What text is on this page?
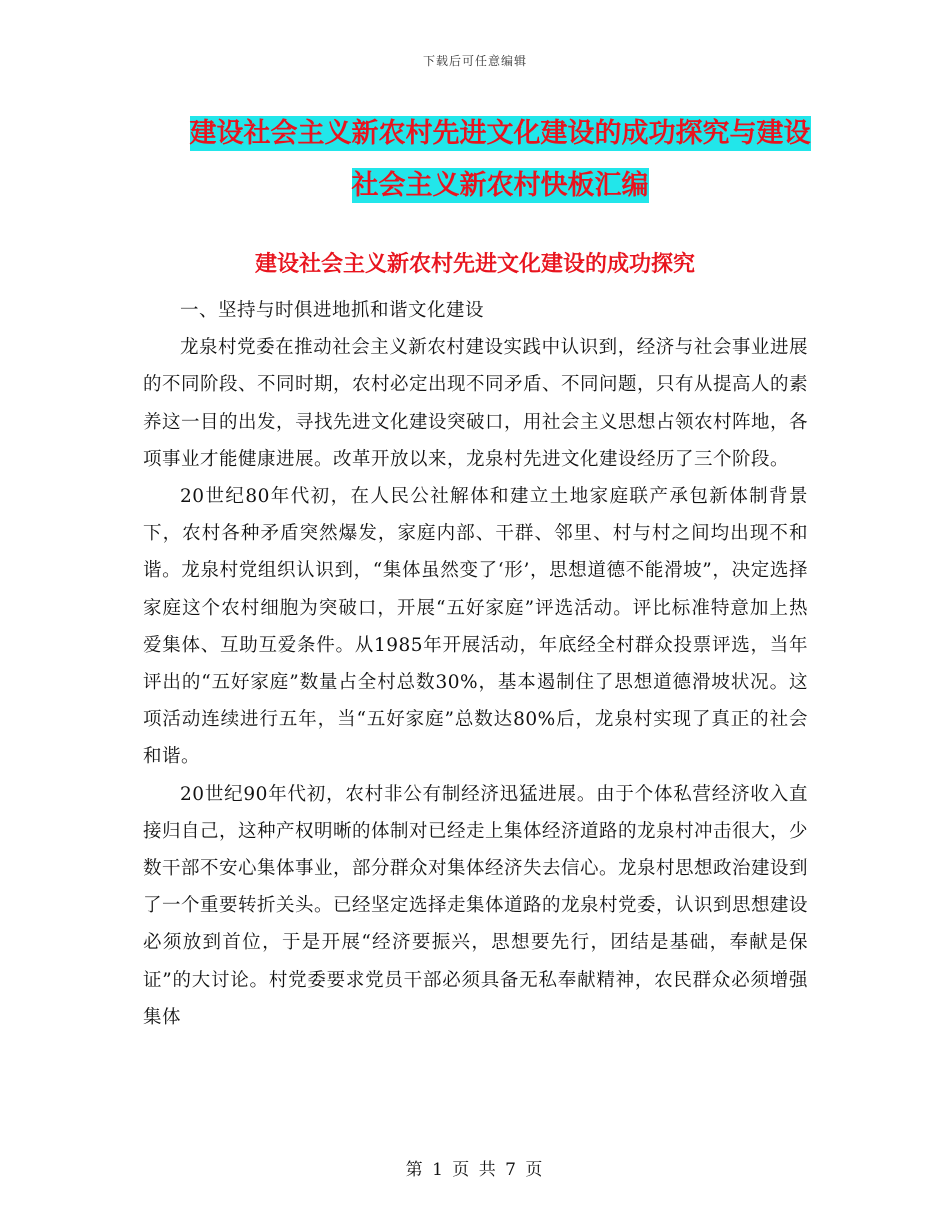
下载后可任意编辑
建设社会主义新农村先进文化建设的成功探究与建设
社会主义新农村快板汇编
建设社会主义新农村先进文化建设的成功探究

一、坚持与时俱进地抓和谐文化建设

龙泉村党委在推动社会主义新农村建设实践中认识到，经济与社会事业进展的不同阶段、不同时期，农村必定出现不同矛盾、不同问题，只有从提高人的素养这一目的出发，寻找先进文化建设突破口，用社会主义思想占领农村阵地，各项事业才能健康进展。改革开放以来，龙泉村先进文化建设经历了三个阶段。

20世纪80年代初，在人民公社解体和建立土地家庭联产承包新体制背景下，农村各种矛盾突然爆发，家庭内部、干群、邻里、村与村之间均出现不和谐。龙泉村党组织认识到，“集体虽然变了‘形’，思想道德不能滑坡”，决定选择家庭这个农村细胞为突破口，开展“五好家庭”评选活动。评比标准特意加上热爱集体、互助互爱条件。从1985年开展活动，年底经全村群众投票评选，当年评出的“五好家庭”数量占全村总数30%，基本遏制住了思想道德滑坡状况。这项活动连续进行五年，当“五好家庭”总数达80%后，龙泉村实现了真正的社会和谐。

20世纪90年代初，农村非公有制经济迅猛进展。由于个体私营经济收入直接归自己，这种产权明晰的体制对已经走上集体经济道路的龙泉村冲击很大，少数干部不安心集体事业，部分群众对集体经济失去信心。龙泉村思想政治建设到了一个重要转折关头。已经坚定选择走集体道路的龙泉村党委，认识到思想建设必须放到首位，于是开展“经济要振兴，思想要先行，团结是基础，奉献是保证”的大讨论。村党委要求党员干部必须具备无私奉献精神，农民群众必须增强集体

第 1 页 共 7 页
